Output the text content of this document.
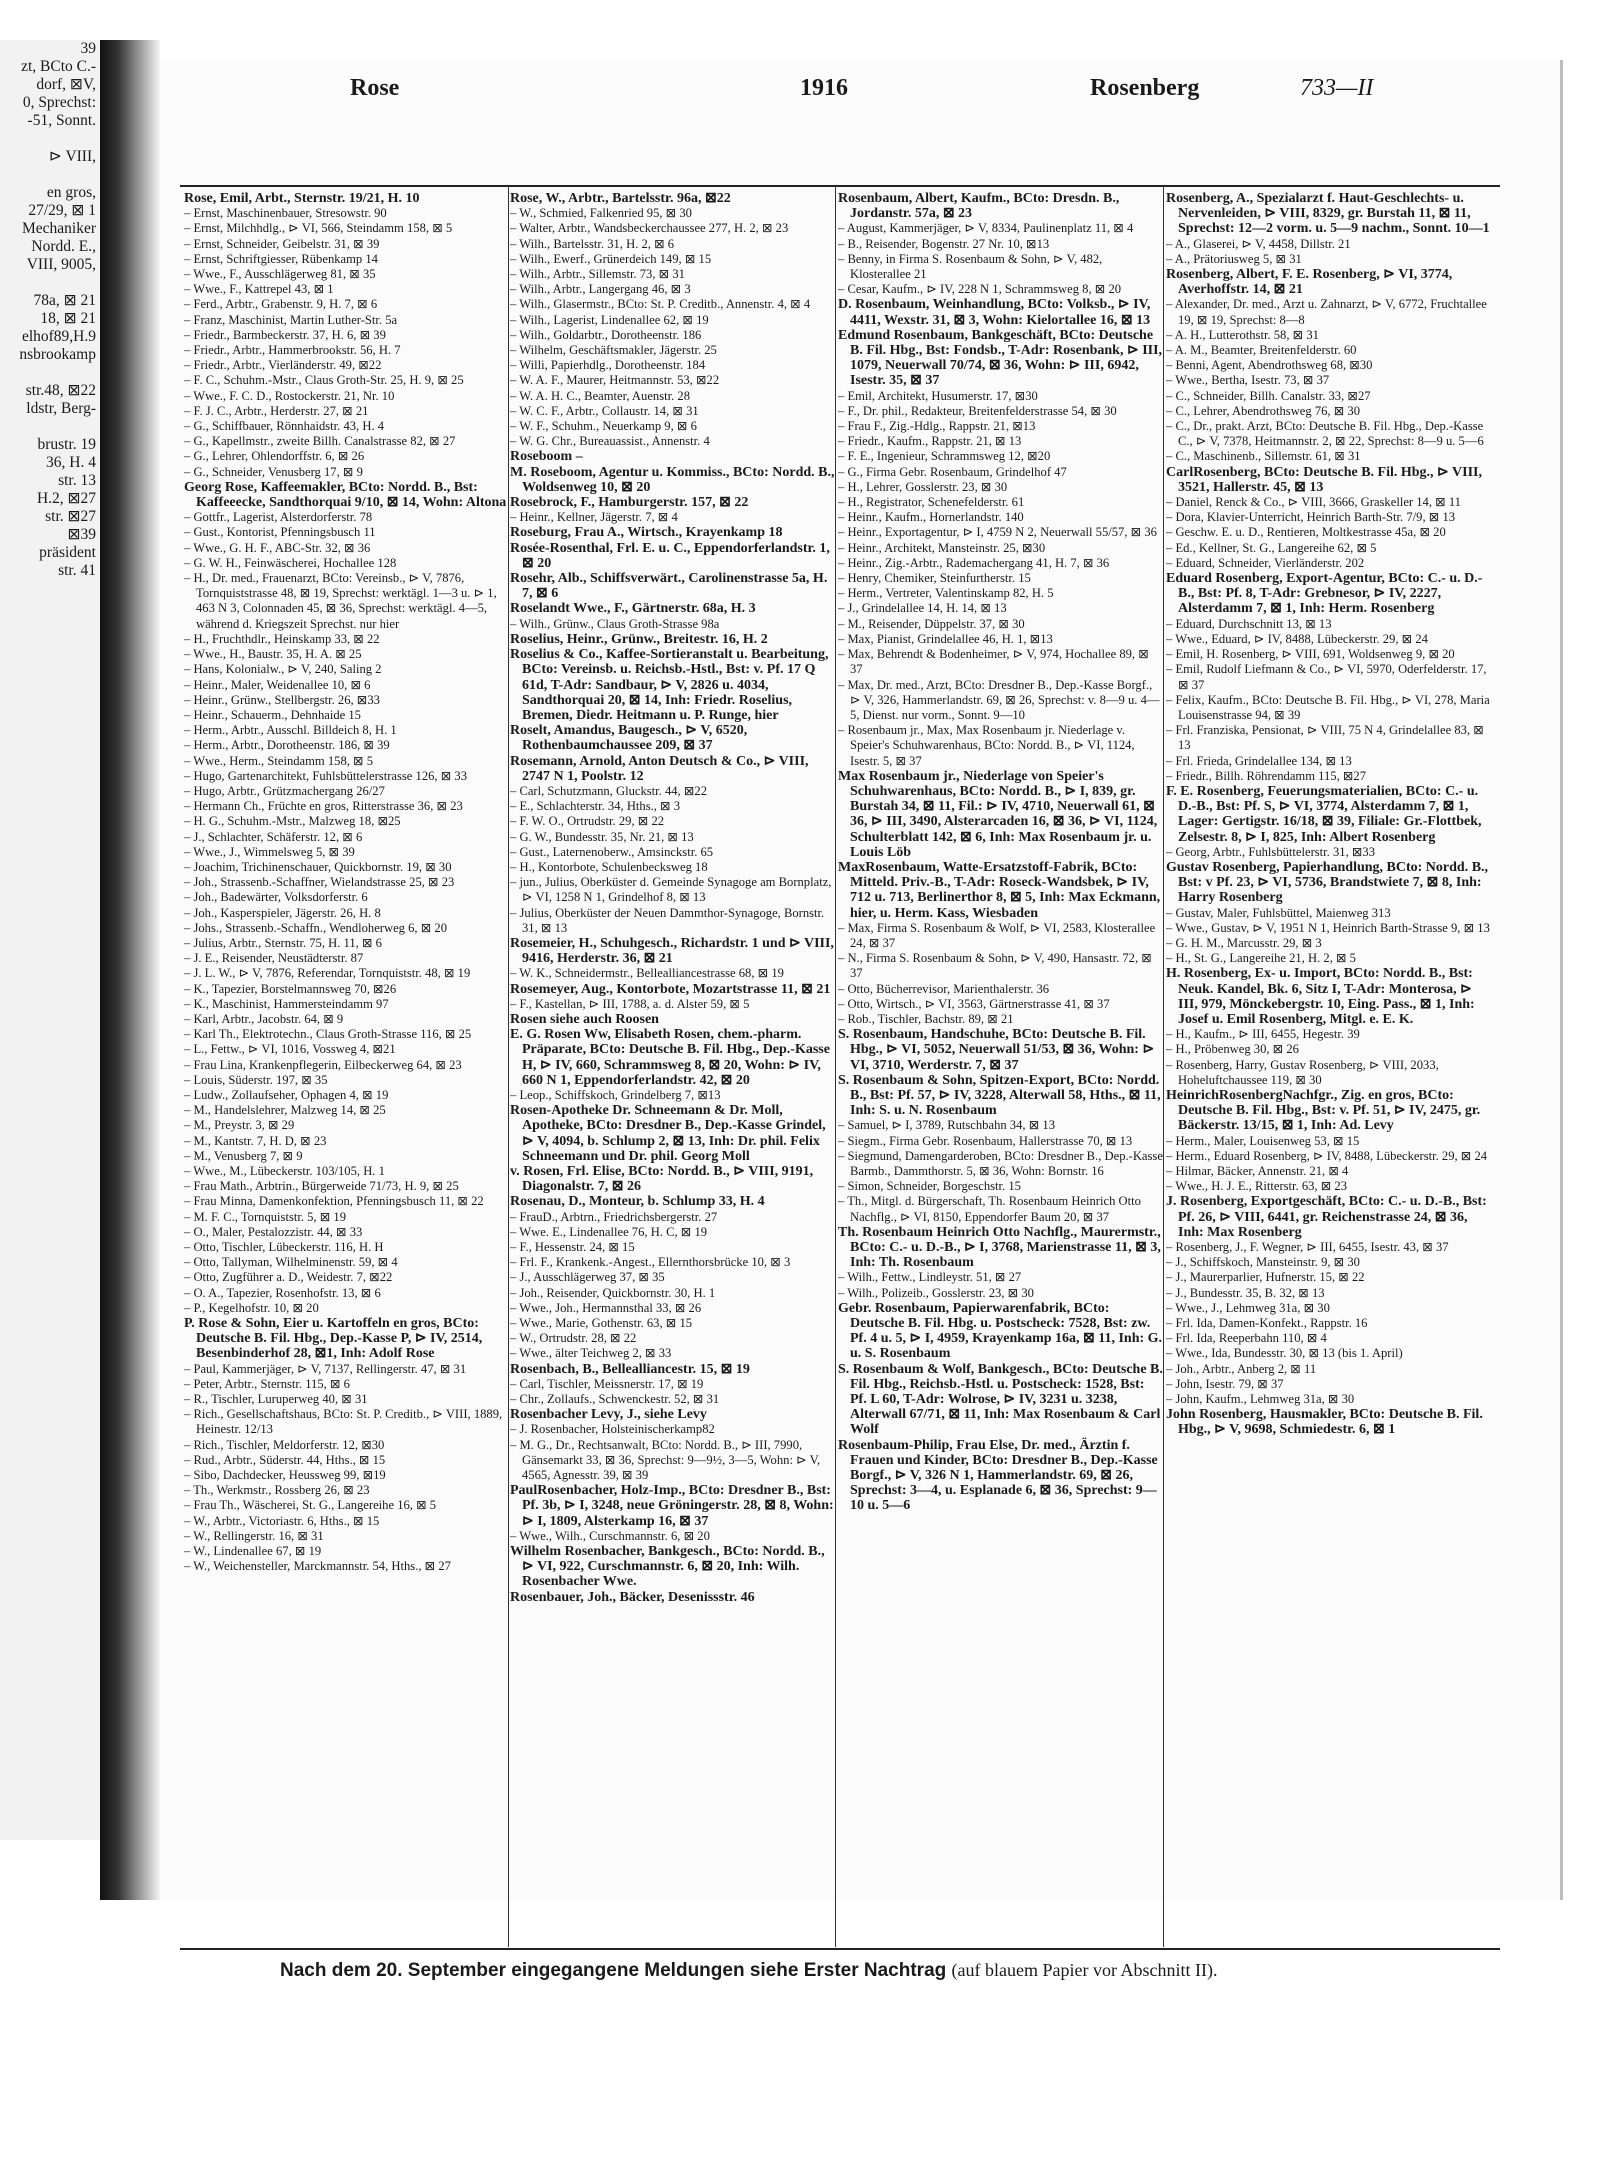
39
zt, BCto C.-
dorf, ⊠V,
0, Sprechst:
-51, Sonnt.

⊳ VIII,

en gros,
27/29, ⊠ 1
Mechaniker
Nordd. E.,
VIII, 9005,

78a, ⊠ 21
18, ⊠ 21
elhof89,H.9
nsbrookamp

str.48, ⊠22
ldstr, Berg-

brustr. 19
36, H. 4
str. 13
H.2, ⊠27
str. ⊠27
⊠39
präsident
str. 41
Rose	1916	Rosenberg	733—II

Rose, Emil, Arbt., Sternstr. 19/21, H. 10

– Ernst, Maschinenbauer, Stresowstr. 90

– Ernst, Milchhdlg., ⊳ VI, 566, Steindamm 158, ⊠ 5

– Ernst, Schneider, Geibelstr. 31, ⊠ 39

– Ernst, Schriftgiesser, Rübenkamp 14

– Wwe., F., Ausschlägerweg 81, ⊠ 35

– Wwe., F., Kattrepel 43, ⊠ 1

– Ferd., Arbtr., Grabenstr. 9, H. 7, ⊠ 6

– Franz, Maschinist, Martin Luther-Str. 5a

– Friedr., Barmbeckerstr. 37, H. 6, ⊠ 39

– Friedr., Arbtr., Hammerbrookstr. 56, H. 7

– Friedr., Arbtr., Vierländerstr. 49, ⊠22

– F. C., Schuhm.-Mstr., Claus Groth-Str. 25, H. 9, ⊠ 25

– Wwe., F. C. D., Rostockerstr. 21, Nr. 10

– F. J. C., Arbtr., Herderstr. 27, ⊠ 21

– G., Schiffbauer, Rönnhaidstr. 43, H. 4

– G., Kapellmstr., zweite Billh. Canalstrasse 82, ⊠ 27

– G., Lehrer, Ohlendorffstr. 6, ⊠ 26

– G., Schneider, Venusberg 17, ⊠ 9

Georg Rose, Kaffeemakler, BCto: Nordd. B., Bst: Kaffeeecke, Sandthorquai 9/10, ⊠ 14, Wohn: Altona

– Gottfr., Lagerist, Alsterdorferstr. 78

– Gust., Kontorist, Pfenningsbusch 11

– Wwe., G. H. F., ABC-Str. 32, ⊠ 36

– G. W. H., Feinwäscherei, Hochallee 128

– H., Dr. med., Frauenarzt, BCto: Vereinsb., ⊳ V, 7876, Tornquiststrasse 48, ⊠ 19, Sprechst: werktägl. 1—3 u. ⊳ 1, 463 N 3, Colonnaden 45, ⊠ 36, Sprechst: werktägl. 4—5, während d. Kriegszeit Sprechst. nur hier

– H., Fruchthdlr., Heinskamp 33, ⊠ 22

– Wwe., H., Baustr. 35, H. A. ⊠ 25

– Hans, Kolonialw., ⊳ V, 240, Saling 2

– Heinr., Maler, Weidenallee 10, ⊠ 6

– Heinr., Grünw., Stellbergstr. 26, ⊠33

– Heinr., Schauerm., Dehnhaide 15

– Herm., Arbtr., Ausschl. Billdeich 8, H. 1

– Herm., Arbtr., Dorotheenstr. 186, ⊠ 39

– Wwe., Herm., Steindamm 158, ⊠ 5

– Hugo, Gartenarchitekt, Fuhlsbüttelerstrasse 126, ⊠ 33

– Hugo, Arbtr., Grützmachergang 26/27

– Hermann Ch., Früchte en gros, Ritterstrasse 36, ⊠ 23

– H. G., Schuhm.-Mstr., Malzweg 18, ⊠25

– J., Schlachter, Schäferstr. 12, ⊠ 6

– Wwe., J., Wimmelsweg 5, ⊠ 39

– Joachim, Trichinenschauer, Quickbornstr. 19, ⊠ 30

– Joh., Strassenb.-Schaffner, Wielandstrasse 25, ⊠ 23

– Joh., Badewärter, Volksdorferstr. 6

– Joh., Kasperspieler, Jägerstr. 26, H. 8

– Johs., Strassenb.-Schaffn., Wendloherweg 6, ⊠ 20

– Julius, Arbtr., Sternstr. 75, H. 11, ⊠ 6

– J. E., Reisender, Neustädterstr. 87

– J. L. W., ⊳ V, 7876, Referendar, Tornquiststr. 48, ⊠ 19

– K., Tapezier, Borstelmannsweg 70, ⊠26

– K., Maschinist, Hammersteindamm 97

– Karl, Arbtr., Jacobstr. 64, ⊠ 9

– Karl Th., Elektrotechn., Claus Groth-Strasse 116, ⊠ 25

– L., Fettw., ⊳ VI, 1016, Vossweg 4, ⊠21

– Frau Lina, Krankenpflegerin, Eilbeckerweg 64, ⊠ 23

– Louis, Süderstr. 197, ⊠ 35

– Ludw., Zollaufseher, Ophagen 4, ⊠ 19

– M., Handelslehrer, Malzweg 14, ⊠ 25

– M., Preystr. 3, ⊠ 29

– M., Kantstr. 7, H. D, ⊠ 23

– M., Venusberg 7, ⊠ 9

– Wwe., M., Lübeckerstr. 103/105, H. 1

– Frau Math., Arbtrin., Bürgerweide 71/73, H. 9, ⊠ 25

– Frau Minna, Damenkonfektion, Pfenningsbusch 11, ⊠ 22

– M. F. C., Tornquiststr. 5, ⊠ 19

– O., Maler, Pestalozzistr. 44, ⊠ 33

– Otto, Tischler, Lübeckerstr. 116, H. H

– Otto, Tallyman, Wilhelminenstr. 59, ⊠ 4

– Otto, Zugführer a. D., Weidestr. 7, ⊠22

– O. A., Tapezier, Rosenhofstr. 13, ⊠ 6

– P., Kegelhofstr. 10, ⊠ 20

P. Rose & Sohn, Eier u. Kartoffeln en gros, BCto: Deutsche B. Fil. Hbg., Dep.-Kasse P, ⊳ IV, 2514, Besenbinderhof 28, ⊠1, Inh: Adolf Rose

– Paul, Kammerjäger, ⊳ V, 7137, Rellingerstr. 47, ⊠ 31

– Peter, Arbtr., Sternstr. 115, ⊠ 6

– R., Tischler, Luruperweg 40, ⊠ 31

– Rich., Gesellschaftshaus, BCto: St. P. Creditb., ⊳ VIII, 1889, Heinestr. 12/13

– Rich., Tischler, Meldorferstr. 12, ⊠30

– Rud., Arbtr., Süderstr. 44, Hths., ⊠ 15

– Sibo, Dachdecker, Heussweg 99, ⊠19

– Th., Werkmstr., Rossberg 26, ⊠ 23

– Frau Th., Wäscherei, St. G., Langereihe 16, ⊠ 5

– W., Arbtr., Victoriastr. 6, Hths., ⊠ 15

– W., Rellingerstr. 16, ⊠ 31

– W., Lindenallee 67, ⊠ 19

– W., Weichensteller, Marckmannstr. 54, Hths., ⊠ 27

Rose, W., Arbtr., Bartelsstr. 96a, ⊠22

– W., Schmied, Falkenried 95, ⊠ 30

– Walter, Arbtr., Wandsbeckerchaussee 277, H. 2, ⊠ 23

– Wilh., Bartelsstr. 31, H. 2, ⊠ 6

– Wilh., Ewerf., Grünerdeich 149, ⊠ 15

– Wilh., Arbtr., Sillemstr. 73, ⊠ 31

– Wilh., Arbtr., Langergang 46, ⊠ 3

– Wilh., Glasermstr., BCto: St. P. Creditb., Annenstr. 4, ⊠ 4

– Wilh., Lagerist, Lindenallee 62, ⊠ 19

– Wilh., Goldarbtr., Dorotheenstr. 186

– Wilhelm, Geschäftsmakler, Jägerstr. 25

– Willi, Papierhdlg., Dorotheenstr. 184

– W. A. F., Maurer, Heitmannstr. 53, ⊠22

– W. A. H. C., Beamter, Auenstr. 28

– W. C. F., Arbtr., Collaustr. 14, ⊠ 31

– W. F., Schuhm., Neuerkamp 9, ⊠ 6

– W. G. Chr., Bureauassist., Annenstr. 4

Roseboom –

M. Roseboom, Agentur u. Kommiss., BCto: Nordd. B., Woldsenweg 10, ⊠ 20

Rosebrock, F., Hamburgerstr. 157, ⊠ 22

– Heinr., Kellner, Jägerstr. 7, ⊠ 4

Roseburg, Frau A., Wirtsch., Krayenkamp 18

Rosée-Rosenthal, Frl. E. u. C., Eppendorferlandstr. 1, ⊠ 20

Rosehr, Alb., Schiffsverwärt., Carolinenstrasse 5a, H. 7, ⊠ 6

Roselandt Wwe., F., Gärtnerstr. 68a, H. 3

– Wilh., Grünw., Claus Groth-Strasse 98a

Roselius, Heinr., Grünw., Breitestr. 16, H. 2

Roselius & Co., Kaffee-Sortieranstalt u. Bearbeitung, BCto: Vereinsb. u. Reichsb.-Hstl., Bst: v. Pf. 17 Q 61d, T-Adr: Sandbaur, ⊳ V, 2826 u. 4034, Sandthorquai 20, ⊠ 14, Inh: Friedr. Roselius, Bremen, Diedr. Heitmann u. P. Runge, hier

Roselt, Amandus, Baugesch., ⊳ V, 6520, Rothenbaumchaussee 209, ⊠ 37

Rosemann, Arnold, Anton Deutsch & Co., ⊳ VIII, 2747 N 1, Poolstr. 12

– Carl, Schutzmann, Gluckstr. 44, ⊠22

– E., Schlachterstr. 34, Hths., ⊠ 3

– F. W. O., Ortrudstr. 29, ⊠ 22

– G. W., Bundesstr. 35, Nr. 21, ⊠ 13

– Gust., Laternenoberw., Amsinckstr. 65

– H., Kontorbote, Schulenbecksweg 18

– jun., Julius, Oberküster d. Gemeinde Synagoge am Bornplatz, ⊳ VI, 1258 N 1, Grindelhof 8, ⊠ 13

– Julius, Oberküster der Neuen Dammthor-Synagoge, Bornstr. 31, ⊠ 13

Rosemeier, H., Schuhgesch., Richardstr. 1 und ⊳ VIII, 9416, Herderstr. 36, ⊠ 21

– W. K., Schneidermstr., Bellealliancestrasse 68, ⊠ 19

Rosemeyer, Aug., Kontorbote, Mozartstrasse 11, ⊠ 21

– F., Kastellan, ⊳ III, 1788, a. d. Alster 59, ⊠ 5

Rosen siehe auch Roosen

E. G. Rosen Ww, Elisabeth Rosen, chem.-pharm. Präparate, BCto: Deutsche B. Fil. Hbg., Dep.-Kasse H, ⊳ IV, 660, Schrammsweg 8, ⊠ 20, Wohn: ⊳ IV, 660 N 1, Eppendorferlandstr. 42, ⊠ 20

– Leop., Schiffskoch, Grindelberg 7, ⊠13

Rosen-Apotheke Dr. Schneemann & Dr. Moll, Apotheke, BCto: Dresdner B., Dep.-Kasse Grindel, ⊳ V, 4094, b. Schlump 2, ⊠ 13, Inh: Dr. phil. Felix Schneemann und Dr. phil. Georg Moll

v. Rosen, Frl. Elise, BCto: Nordd. B., ⊳ VIII, 9191, Diagonalstr. 7, ⊠ 26

Rosenau, D., Monteur, b. Schlump 33, H. 4

– FrauD., Arbtrn., Friedrichsbergerstr. 27

– Wwe. E., Lindenallee 76, H. C, ⊠ 19

– F., Hessenstr. 24, ⊠ 15

– Frl. F., Krankenk.-Angest., Ellernthorsbrücke 10, ⊠ 3

– J., Ausschlägerweg 37, ⊠ 35

– Joh., Reisender, Quickbornstr. 30, H. 1

– Wwe., Joh., Hermannsthal 33, ⊠ 26

– Wwe., Marie, Gothenstr. 63, ⊠ 15

– W., Ortrudstr. 28, ⊠ 22

– Wwe., älter Teichweg 2, ⊠ 33

Rosenbach, B., Bellealliancestr. 15, ⊠ 19

– Carl, Tischler, Meissnerstr. 17, ⊠ 19

– Chr., Zollaufs., Schwenckestr. 52, ⊠ 31

Rosenbacher Levy, J., siehe Levy

– J. Rosenbacher, Holsteinischerkamp82

– M. G., Dr., Rechtsanwalt, BCto: Nordd. B., ⊳ III, 7990, Gänsemarkt 33, ⊠ 36, Sprechst: 9—9½, 3—5, Wohn: ⊳ V, 4565, Agnesstr. 39, ⊠ 39

PaulRosenbacher, Holz-Imp., BCto: Dresdner B., Bst: Pf. 3b, ⊳ I, 3248, neue Gröningerstr. 28, ⊠ 8, Wohn: ⊳ I, 1809, Alsterkamp 16, ⊠ 37

– Wwe., Wilh., Curschmannstr. 6, ⊠ 20

Wilhelm Rosenbacher, Bankgesch., BCto: Nordd. B., ⊳ VI, 922, Curschmannstr. 6, ⊠ 20, Inh: Wilh. Rosenbacher Wwe.

Rosenbauer, Joh., Bäcker, Desenissstr. 46

Rosenbaum, Albert, Kaufm., BCto: Dresdn. B., Jordanstr. 57a, ⊠ 23

– August, Kammerjäger, ⊳ V, 8334, Paulinenplatz 11, ⊠ 4

– B., Reisender, Bogenstr. 27 Nr. 10, ⊠13

– Benny, in Firma S. Rosenbaum & Sohn, ⊳ V, 482, Klosterallee 21

– Cesar, Kaufm., ⊳ IV, 228 N 1, Schrammsweg 8, ⊠ 20

D. Rosenbaum, Weinhandlung, BCto: Volksb., ⊳ IV, 4411, Wexstr. 31, ⊠ 3, Wohn: Kielortallee 16, ⊠ 13

Edmund Rosenbaum, Bankgeschäft, BCto: Deutsche B. Fil. Hbg., Bst: Fondsb., T-Adr: Rosenbank, ⊳ III, 1079, Neuerwall 70/74, ⊠ 36, Wohn: ⊳ III, 6942, Isestr. 35, ⊠ 37

– Emil, Architekt, Husumerstr. 17, ⊠30

– F., Dr. phil., Redakteur, Breitenfelderstrasse 54, ⊠ 30

– Frau F., Zig.-Hdlg., Rappstr. 21, ⊠13

– Friedr., Kaufm., Rappstr. 21, ⊠ 13

– F. E., Ingenieur, Schrammsweg 12, ⊠20

– G., Firma Gebr. Rosenbaum, Grindelhof 47

– H., Lehrer, Gosslerstr. 23, ⊠ 30

– H., Registrator, Schenefelderstr. 61

– Heinr., Kaufm., Hornerlandstr. 140

– Heinr., Exportagentur, ⊳ I, 4759 N 2, Neuerwall 55/57, ⊠ 36

– Heinr., Architekt, Mansteinstr. 25, ⊠30

– Heinr., Zig.-Arbtr., Rademachergang 41, H. 7, ⊠ 36

– Henry, Chemiker, Steinfurtherstr. 15

– Herm., Vertreter, Valentinskamp 82, H. 5

– J., Grindelallee 14, H. 14, ⊠ 13

– M., Reisender, Düppelstr. 37, ⊠ 30

– Max, Pianist, Grindelallee 46, H. 1, ⊠13

– Max, Behrendt & Bodenheimer, ⊳ V, 974, Hochallee 89, ⊠ 37

– Max, Dr. med., Arzt, BCto: Dresdner B., Dep.-Kasse Borgf., ⊳ V, 326, Hammerlandstr. 69, ⊠ 26, Sprechst: v. 8—9 u. 4—5, Dienst. nur vorm., Sonnt. 9—10

– Rosenbaum jr., Max, Max Rosenbaum jr. Niederlage v. Speier's Schuhwarenhaus, BCto: Nordd. B., ⊳ VI, 1124, Isestr. 5, ⊠ 37

Max Rosenbaum jr., Niederlage von Speier's Schuhwarenhaus, BCto: Nordd. B., ⊳ I, 839, gr. Burstah 34, ⊠ 11, Fil.: ⊳ IV, 4710, Neuerwall 61, ⊠ 36, ⊳ III, 3490, Alsterarcaden 16, ⊠ 36, ⊳ VI, 1124, Schulterblatt 142, ⊠ 6, Inh: Max Rosenbaum jr. u. Louis Löb

MaxRosenbaum, Watte-Ersatzstoff-Fabrik, BCto: Mitteld. Priv.-B., T-Adr: Roseck-Wandsbek, ⊳ IV, 712 u. 713, Berlinerthor 8, ⊠ 5, Inh: Max Eckmann, hier, u. Herm. Kass, Wiesbaden

– Max, Firma S. Rosenbaum & Wolf, ⊳ VI, 2583, Klosterallee 24, ⊠ 37

– N., Firma S. Rosenbaum & Sohn, ⊳ V, 490, Hansastr. 72, ⊠ 37

– Otto, Bücherrevisor, Marienthalerstr. 36

– Otto, Wirtsch., ⊳ VI, 3563, Gärtnerstrasse 41, ⊠ 37

– Rob., Tischler, Bachstr. 89, ⊠ 21

S. Rosenbaum, Handschuhe, BCto: Deutsche B. Fil. Hbg., ⊳ VI, 5052, Neuerwall 51/53, ⊠ 36, Wohn: ⊳ VI, 3710, Werderstr. 7, ⊠ 37

S. Rosenbaum & Sohn, Spitzen-Export, BCto: Nordd. B., Bst: Pf. 57, ⊳ IV, 3228, Alterwall 58, Hths., ⊠ 11, Inh: S. u. N. Rosenbaum

– Samuel, ⊳ I, 3789, Rutschbahn 34, ⊠ 13

– Siegm., Firma Gebr. Rosenbaum, Hallerstrasse 70, ⊠ 13

– Siegmund, Damengarderoben, BCto: Dresdner B., Dep.-Kasse Barmb., Dammthorstr. 5, ⊠ 36, Wohn: Bornstr. 16

– Simon, Schneider, Borgeschstr. 15

– Th., Mitgl. d. Bürgerschaft, Th. Rosenbaum Heinrich Otto Nachflg., ⊳ VI, 8150, Eppendorfer Baum 20, ⊠ 37

Th. Rosenbaum Heinrich Otto Nachflg., Maurermstr., BCto: C.- u. D.-B., ⊳ I, 3768, Marienstrasse 11, ⊠ 3, Inh: Th. Rosenbaum

– Wilh., Fettw., Lindleystr. 51, ⊠ 27

– Wilh., Polizeib., Gosslerstr. 23, ⊠ 30

Gebr. Rosenbaum, Papierwarenfabrik, BCto: Deutsche B. Fil. Hbg. u. Postscheck: 7528, Bst: zw. Pf. 4 u. 5, ⊳ I, 4959, Krayenkamp 16a, ⊠ 11, Inh: G. u. S. Rosenbaum

S. Rosenbaum & Wolf, Bankgesch., BCto: Deutsche B. Fil. Hbg., Reichsb.-Hstl. u. Postscheck: 1528, Bst: Pf. L 60, T-Adr: Wolrose, ⊳ IV, 3231 u. 3238, Alterwall 67/71, ⊠ 11, Inh: Max Rosenbaum & Carl Wolf

Rosenbaum-Philip, Frau Else, Dr. med., Ärztin f. Frauen und Kinder, BCto: Dresdner B., Dep.-Kasse Borgf., ⊳ V, 326 N 1, Hammerlandstr. 69, ⊠ 26, Sprechst: 3—4, u. Esplanade 6, ⊠ 36, Sprechst: 9—10 u. 5—6

Rosenberg, A., Spezialarzt f. Haut-Geschlechts- u. Nervenleiden, ⊳ VIII, 8329, gr. Burstah 11, ⊠ 11, Sprechst: 12—2 vorm. u. 5—9 nachm., Sonnt. 10—1

– A., Glaserei, ⊳ V, 4458, Dillstr. 21

– A., Prätoriusweg 5, ⊠ 31

Rosenberg, Albert, F. E. Rosenberg, ⊳ VI, 3774, Averhoffstr. 14, ⊠ 21

– Alexander, Dr. med., Arzt u. Zahnarzt, ⊳ V, 6772, Fruchtallee 19, ⊠ 19, Sprechst: 8—8

– A. H., Lutterothstr. 58, ⊠ 31

– A. M., Beamter, Breitenfelderstr. 60

– Benni, Agent, Abendrothsweg 68, ⊠30

– Wwe., Bertha, Isestr. 73, ⊠ 37

– C., Schneider, Billh. Canalstr. 33, ⊠27

– C., Lehrer, Abendrothsweg 76, ⊠ 30

– C., Dr., prakt. Arzt, BCto: Deutsche B. Fil. Hbg., Dep.-Kasse C., ⊳ V, 7378, Heitmannstr. 2, ⊠ 22, Sprechst: 8—9 u. 5—6

– C., Maschinenb., Sillemstr. 61, ⊠ 31

CarlRosenberg, BCto: Deutsche B. Fil. Hbg., ⊳ VIII, 3521, Hallerstr. 45, ⊠ 13

– Daniel, Renck & Co., ⊳ VIII, 3666, Graskeller 14, ⊠ 11

– Dora, Klavier-Unterricht, Heinrich Barth-Str. 7/9, ⊠ 13

– Geschw. E. u. D., Rentieren, Moltkestrasse 45a, ⊠ 20

– Ed., Kellner, St. G., Langereihe 62, ⊠ 5

– Eduard, Schneider, Vierländerstr. 202

Eduard Rosenberg, Export-Agentur, BCto: C.- u. D.-B., Bst: Pf. 8, T-Adr: Grebnesor, ⊳ IV, 2227, Alsterdamm 7, ⊠ 1, Inh: Herm. Rosenberg

– Eduard, Durchschnitt 13, ⊠ 13

– Wwe., Eduard, ⊳ IV, 8488, Lübeckerstr. 29, ⊠ 24

– Emil, H. Rosenberg, ⊳ VIII, 691, Woldsenweg 9, ⊠ 20

– Emil, Rudolf Liefmann & Co., ⊳ VI, 5970, Oderfelderstr. 17, ⊠ 37

– Felix, Kaufm., BCto: Deutsche B. Fil. Hbg., ⊳ VI, 278, Maria Louisenstrasse 94, ⊠ 39

– Frl. Franziska, Pensionat, ⊳ VIII, 75 N 4, Grindelallee 83, ⊠ 13

– Frl. Frieda, Grindelallee 134, ⊠ 13

– Friedr., Billh. Röhrendamm 115, ⊠27

F. E. Rosenberg, Feuerungsmaterialien, BCto: C.- u. D.-B., Bst: Pf. S, ⊳ VI, 3774, Alsterdamm 7, ⊠ 1, Lager: Gertigstr. 16/18, ⊠ 39, Filiale: Gr.-Flottbek, Zelsestr. 8, ⊳ I, 825, Inh: Albert Rosenberg

– Georg, Arbtr., Fuhlsbüttelerstr. 31, ⊠33

Gustav Rosenberg, Papierhandlung, BCto: Nordd. B., Bst: v Pf. 23, ⊳ VI, 5736, Brandstwiete 7, ⊠ 8, Inh: Harry Rosenberg

– Gustav, Maler, Fuhlsbüttel, Maienweg 313

– Wwe., Gustav, ⊳ V, 1951 N 1, Heinrich Barth-Strasse 9, ⊠ 13

– G. H. M., Marcusstr. 29, ⊠ 3

– H., St. G., Langereihe 21, H. 2, ⊠ 5

H. Rosenberg, Ex- u. Import, BCto: Nordd. B., Bst: Neuk. Kandel, Bk. 6, Sitz I, T-Adr: Monterosa, ⊳ III, 979, Mönckebergstr. 10, Eing. Pass., ⊠ 1, Inh: Josef u. Emil Rosenberg, Mitgl. e. E. K.

– H., Kaufm., ⊳ III, 6455, Hegestr. 39

– H., Pröbenweg 30, ⊠ 26

– Rosenberg, Harry, Gustav Rosenberg, ⊳ VIII, 2033, Hoheluftchaussee 119, ⊠ 30

HeinrichRosenbergNachfgr., Zig. en gros, BCto: Deutsche B. Fil. Hbg., Bst: v. Pf. 51, ⊳ IV, 2475, gr. Bäckerstr. 13/15, ⊠ 1, Inh: Ad. Levy

– Herm., Maler, Louisenweg 53, ⊠ 15

– Herm., Eduard Rosenberg, ⊳ IV, 8488, Lübeckerstr. 29, ⊠ 24

– Hilmar, Bäcker, Annenstr. 21, ⊠ 4

– Wwe., H. J. E., Ritterstr. 63, ⊠ 23

J. Rosenberg, Exportgeschäft, BCto: C.- u. D.-B., Bst: Pf. 26, ⊳ VIII, 6441, gr. Reichenstrasse 24, ⊠ 36, Inh: Max Rosenberg

– Rosenberg, J., F. Wegner, ⊳ III, 6455, Isestr. 43, ⊠ 37

– J., Schiffskoch, Mansteinstr. 9, ⊠ 30

– J., Maurerparlier, Hufnerstr. 15, ⊠ 22

– J., Bundesstr. 35, B. 32, ⊠ 13

– Wwe., J., Lehmweg 31a, ⊠ 30

– Frl. Ida, Damen-Konfekt., Rappstr. 16

– Frl. Ida, Reeperbahn 110, ⊠ 4

– Wwe., Ida, Bundesstr. 30, ⊠ 13 (bis 1. April)

– Joh., Arbtr., Anberg 2, ⊠ 11

– John, Isestr. 79, ⊠ 37

– John, Kaufm., Lehmweg 31a, ⊠ 30

John Rosenberg, Hausmakler, BCto: Deutsche B. Fil. Hbg., ⊳ V, 9698, Schmiedestr. 6, ⊠ 1

Nach dem 20. September eingegangene Meldungen siehe Erster Nachtrag (auf blauem Papier vor Abschnitt II).
